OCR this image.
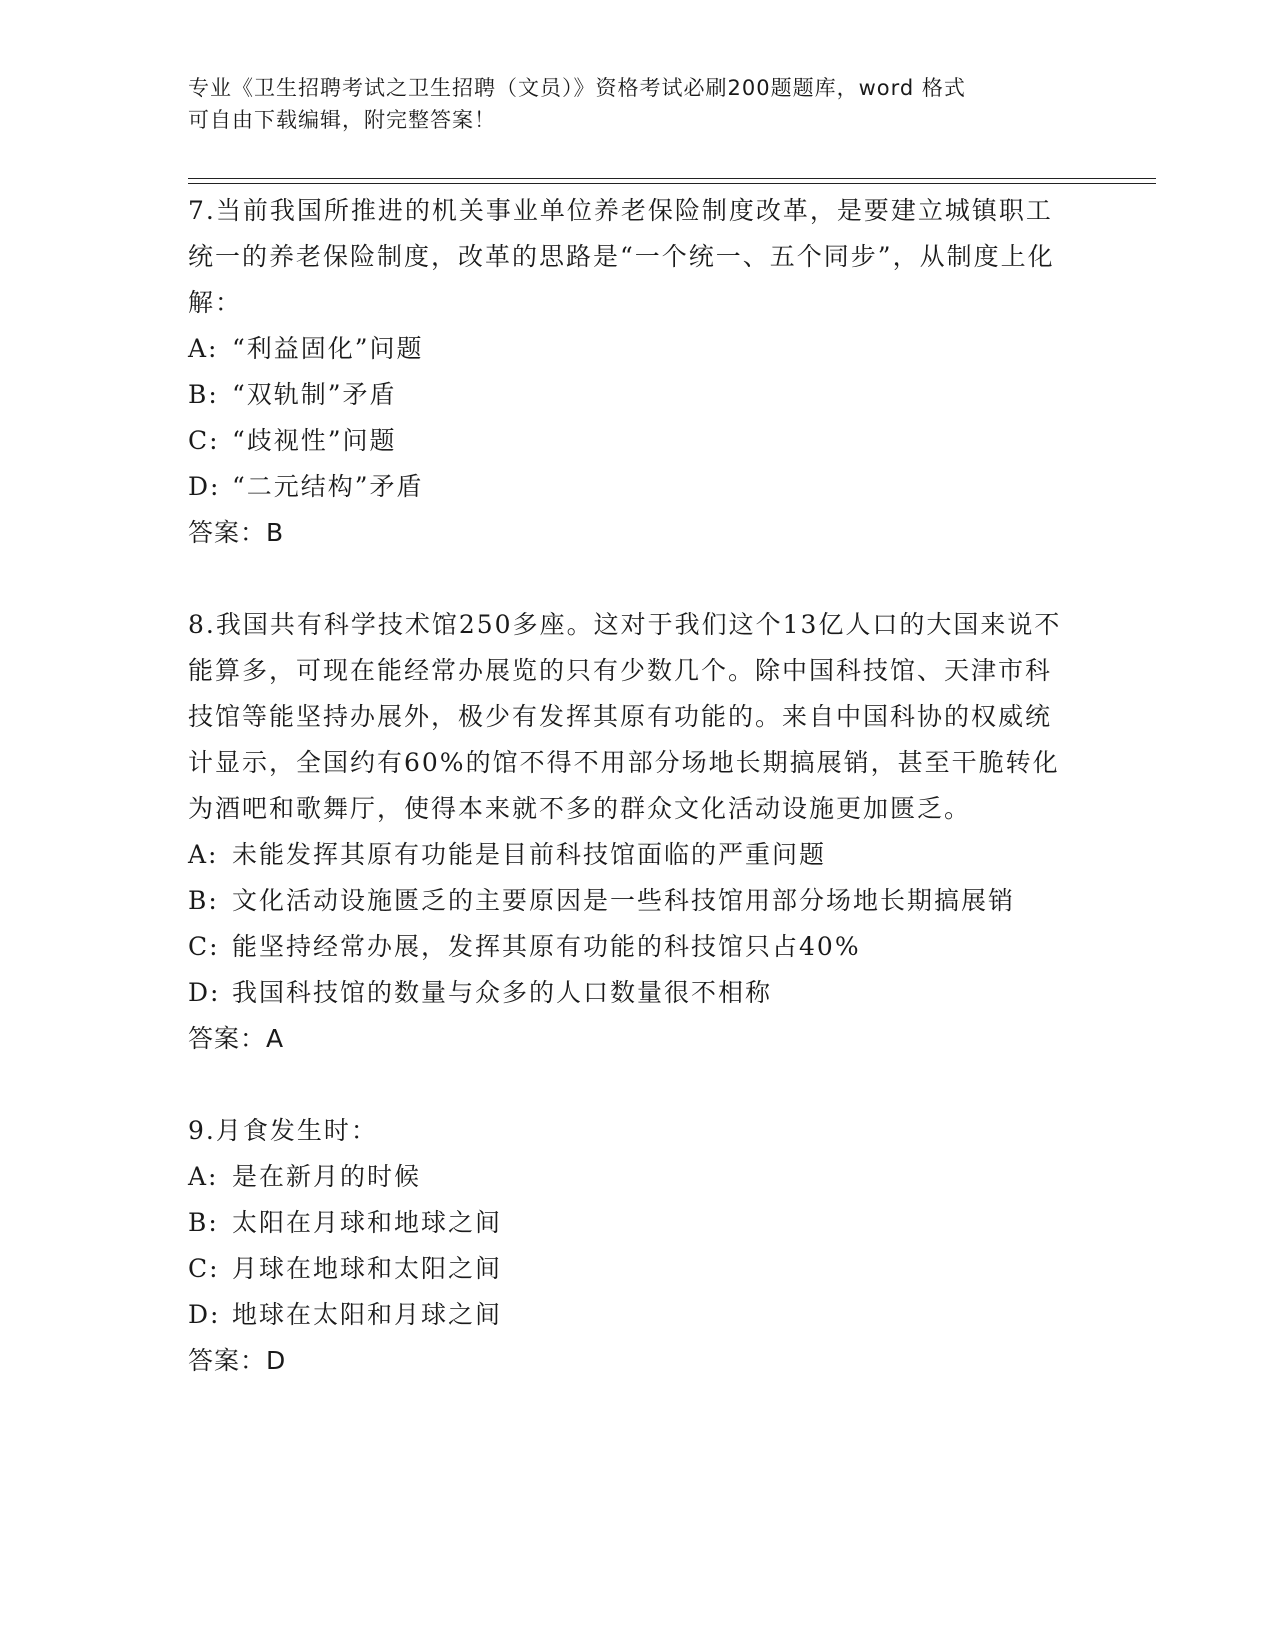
专业《卫生招聘考试之卫生招聘（文员）》资格考试必刷200题题库，word 格式
可自由下载编辑，附完整答案！

7.当前我国所推进的机关事业单位养老保险制度改革，是要建立城镇职工统一的养老保险制度，改革的思路是“一个统一、五个同步”，从制度上化解：

A: “利益固化”问题

B: “双轨制”矛盾

C: “歧视性”问题

D: “二元结构”矛盾

答案：B

8.我国共有科学技术馆250多座。这对于我们这个13亿人口的大国来说不能算多，可现在能经常办展览的只有少数几个。除中国科技馆、天津市科技馆等能坚持办展外，极少有发挥其原有功能的。来自中国科协的权威统计显示，全国约有60%的馆不得不用部分场地长期搞展销，甚至干脆转化为酒吧和歌舞厅，使得本来就不多的群众文化活动设施更加匮乏。

A: 未能发挥其原有功能是目前科技馆面临的严重问题

B: 文化活动设施匮乏的主要原因是一些科技馆用部分场地长期搞展销

C: 能坚持经常办展，发挥其原有功能的科技馆只占40%

D: 我国科技馆的数量与众多的人口数量很不相称

答案：A

9.月食发生时：

A: 是在新月的时候

B: 太阳在月球和地球之间

C: 月球在地球和太阳之间

D: 地球在太阳和月球之间

答案：D
